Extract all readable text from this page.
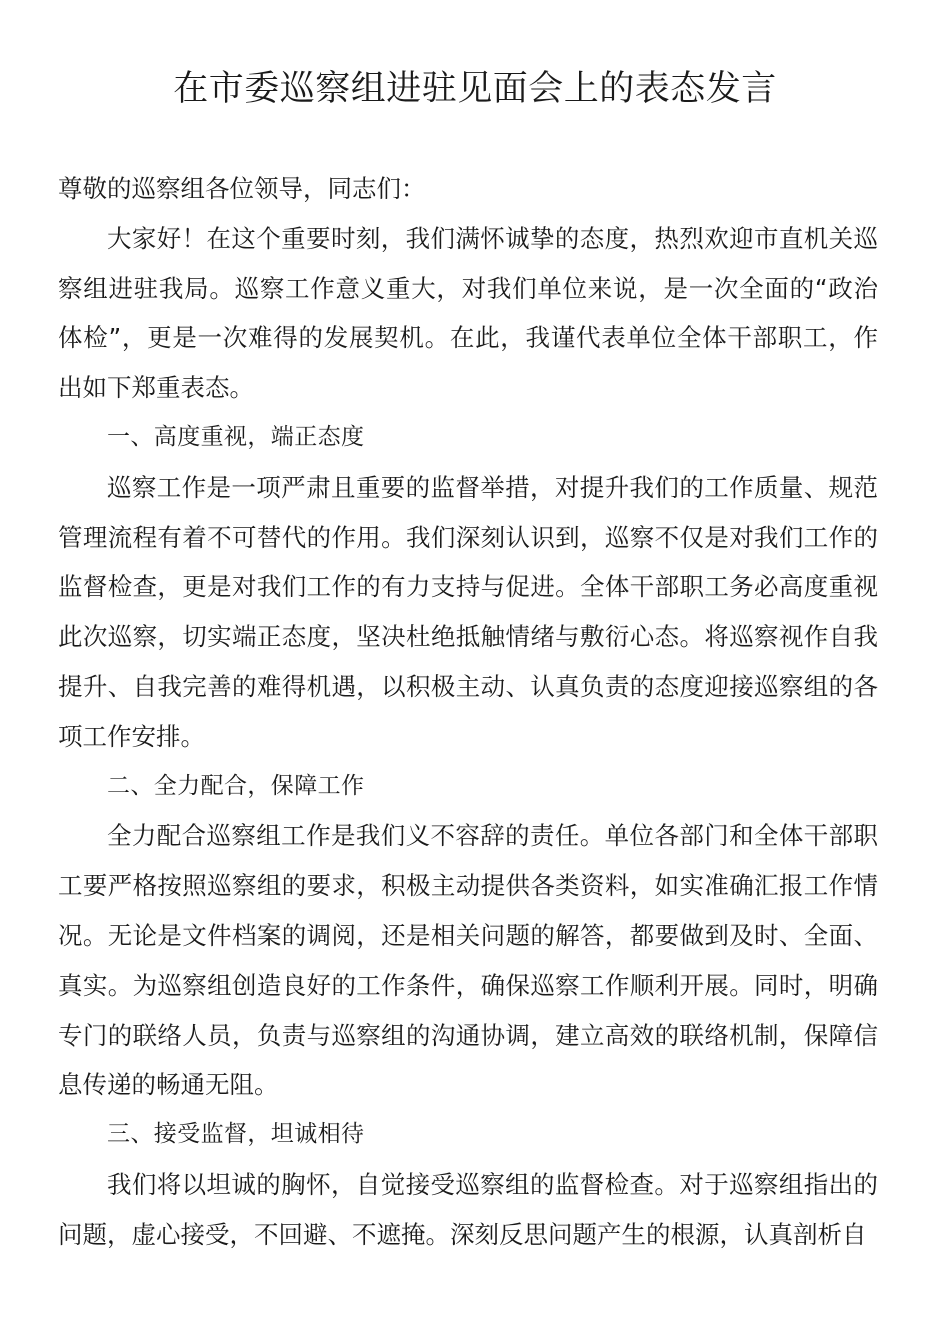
在市委巡察组进驻见面会上的表态发言

尊敬的巡察组各位领导，同志们：

大家好！在这个重要时刻，我们满怀诚挚的态度，热烈欢迎市直机关巡察组进驻我局。巡察工作意义重大，对我们单位来说，是一次全面的“政治体检”，更是一次难得的发展契机。在此，我谨代表单位全体干部职工，作出如下郑重表态。

一、高度重视，端正态度

巡察工作是一项严肃且重要的监督举措，对提升我们的工作质量、规范管理流程有着不可替代的作用。我们深刻认识到，巡察不仅是对我们工作的监督检查，更是对我们工作的有力支持与促进。全体干部职工务必高度重视此次巡察，切实端正态度，坚决杜绝抵触情绪与敷衍心态。将巡察视作自我提升、自我完善的难得机遇，以积极主动、认真负责的态度迎接巡察组的各项工作安排。

二、全力配合，保障工作

全力配合巡察组工作是我们义不容辞的责任。单位各部门和全体干部职工要严格按照巡察组的要求，积极主动提供各类资料，如实准确汇报工作情况。无论是文件档案的调阅，还是相关问题的解答，都要做到及时、全面、真实。为巡察组创造良好的工作条件，确保巡察工作顺利开展。同时，明确专门的联络人员，负责与巡察组的沟通协调，建立高效的联络机制，保障信息传递的畅通无阻。

三、接受监督，坦诚相待

我们将以坦诚的胸怀，自觉接受巡察组的监督检查。对于巡察组指出的问题，虚心接受，不回避、不遮掩。深刻反思问题产生的根源，认真剖析自
